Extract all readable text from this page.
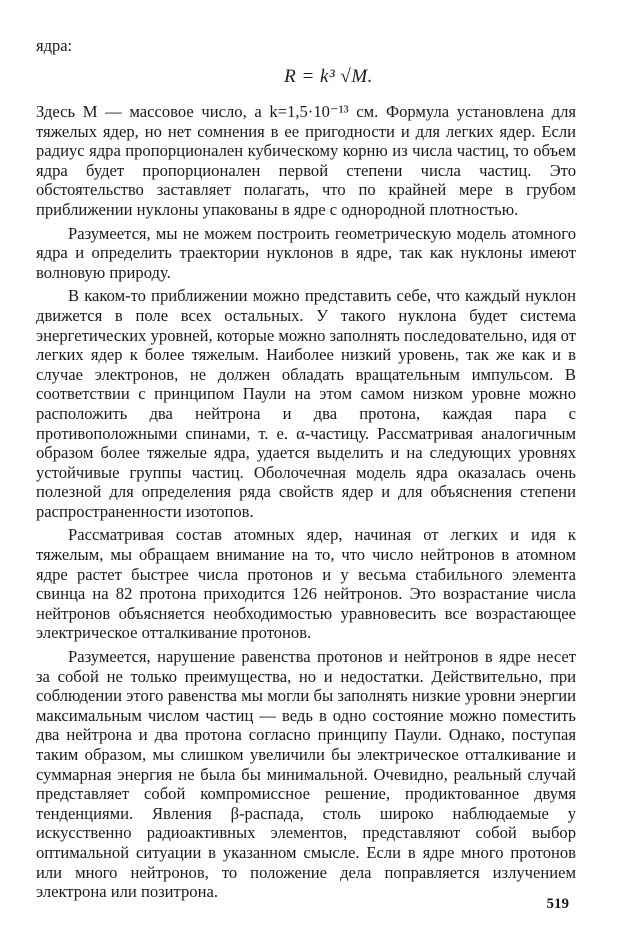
ядра:
R = k³ √M.

Здесь M — массовое число, а k=1,5·10⁻¹³ см. Формула установлена для тяжелых ядер, но нет сомнения в ее пригодности и для легких ядер. Если радиус ядра пропорционален кубическому корню из числа частиц, то объем ядра будет пропорционален первой степени числа частиц. Это обстоятельство заставляет полагать, что по крайней мере в грубом приближении нуклоны упакованы в ядре с однородной плотностью.

Разумеется, мы не можем построить геометрическую модель атомного ядра и определить траектории нуклонов в ядре, так как нуклоны имеют волновую природу.

В каком-то приближении можно представить себе, что каждый нуклон движется в поле всех остальных. У такого нуклона будет система энергетических уровней, которые можно заполнять последовательно, идя от легких ядер к более тяжелым. Наиболее низкий уровень, так же как и в случае электронов, не должен обладать вращательным импульсом. В соответствии с принципом Паули на этом самом низком уровне можно расположить два нейтрона и два протона, каждая пара с противоположными спинами, т. е. α-частицу. Рассматривая аналогичным образом более тяжелые ядра, удается выделить и на следующих уровнях устойчивые группы частиц. Оболочечная модель ядра оказалась очень полезной для определения ряда свойств ядер и для объяснения степени распространенности изотопов.

Рассматривая состав атомных ядер, начиная от легких и идя к тяжелым, мы обращаем внимание на то, что число нейтронов в атомном ядре растет быстрее числа протонов и у весьма стабильного элемента свинца на 82 протона приходится 126 нейтронов. Это возрастание числа нейтронов объясняется необходимостью уравновесить все возрастающее электрическое отталкивание протонов.

Разумеется, нарушение равенства протонов и нейтронов в ядре несет за собой не только преимущества, но и недостатки. Действительно, при соблюдении этого равенства мы могли бы заполнять низкие уровни энергии максимальным числом частиц — ведь в одно состояние можно поместить два нейтрона и два протона согласно принципу Паули. Однако, поступая таким образом, мы слишком увеличили бы электрическое отталкивание и суммарная энергия не была бы минимальной. Очевидно, реальный случай представляет собой компромиссное решение, продиктованное двумя тенденциями. Явления β-распада, столь широко наблюдаемые у искусственно радиоактивных элементов, представляют собой выбор оптимальной ситуации в указанном смысле. Если в ядре много протонов или много нейтронов, то положение дела поправляется излучением электрона или позитрона.

519
